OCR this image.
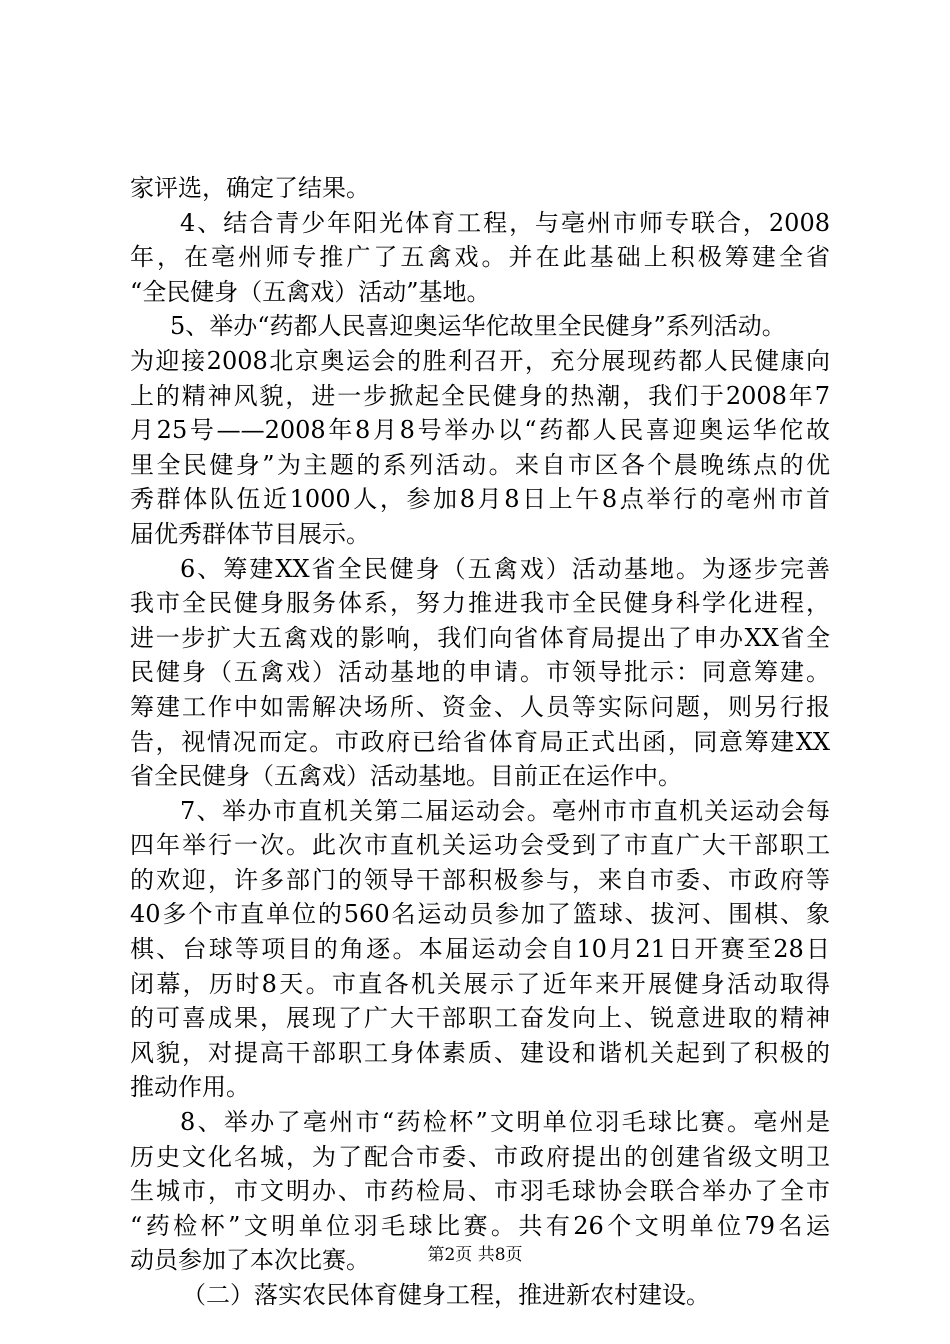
家评选，确定了结果。
4、结合青少年阳光体育工程，与亳州市师专联合，2008
年，在亳州师专推广了五禽戏。并在此基础上积极筹建全省
“全民健身（五禽戏）活动”基地。
5、举办“药都人民喜迎奥运华佗故里全民健身”系列活动。
为迎接2008北京奥运会的胜利召开，充分展现药都人民健康向
上的精神风貌，进一步掀起全民健身的热潮，我们于2008年7
月25号——2008年8月8号举办以“药都人民喜迎奥运华佗故
里全民健身”为主题的系列活动。来自市区各个晨晚练点的优
秀群体队伍近1000人，参加8月8日上午8点举行的亳州市首
届优秀群体节目展示。
6、筹建XX省全民健身（五禽戏）活动基地。为逐步完善
我市全民健身服务体系，努力推进我市全民健身科学化进程，
进一步扩大五禽戏的影响，我们向省体育局提出了申办XX省全
民健身（五禽戏）活动基地的申请。市领导批示：同意筹建。
筹建工作中如需解决场所、资金、人员等实际问题，则另行报
告，视情况而定。市政府已给省体育局正式出函，同意筹建XX
省全民健身（五禽戏）活动基地。目前正在运作中。
7、举办市直机关第二届运动会。亳州市市直机关运动会每
四年举行一次。此次市直机关运功会受到了市直广大干部职工
的欢迎，许多部门的领导干部积极参与，来自市委、市政府等
40多个市直单位的560名运动员参加了篮球、拔河、围棋、象
棋、台球等项目的角逐。本届运动会自10月21日开赛至28日
闭幕，历时8天。市直各机关展示了近年来开展健身活动取得
的可喜成果，展现了广大干部职工奋发向上、锐意进取的精神
风貌，对提高干部职工身体素质、建设和谐机关起到了积极的
推动作用。
8、举办了亳州市“药检杯”文明单位羽毛球比赛。亳州是
历史文化名城，为了配合市委、市政府提出的创建省级文明卫
生城市，市文明办、市药检局、市羽毛球协会联合举办了全市
“药检杯”文明单位羽毛球比赛。共有26个文明单位79名运
动员参加了本次比赛。
（二）落实农民体育健身工程，推进新农村建设。
第2页 共8页
